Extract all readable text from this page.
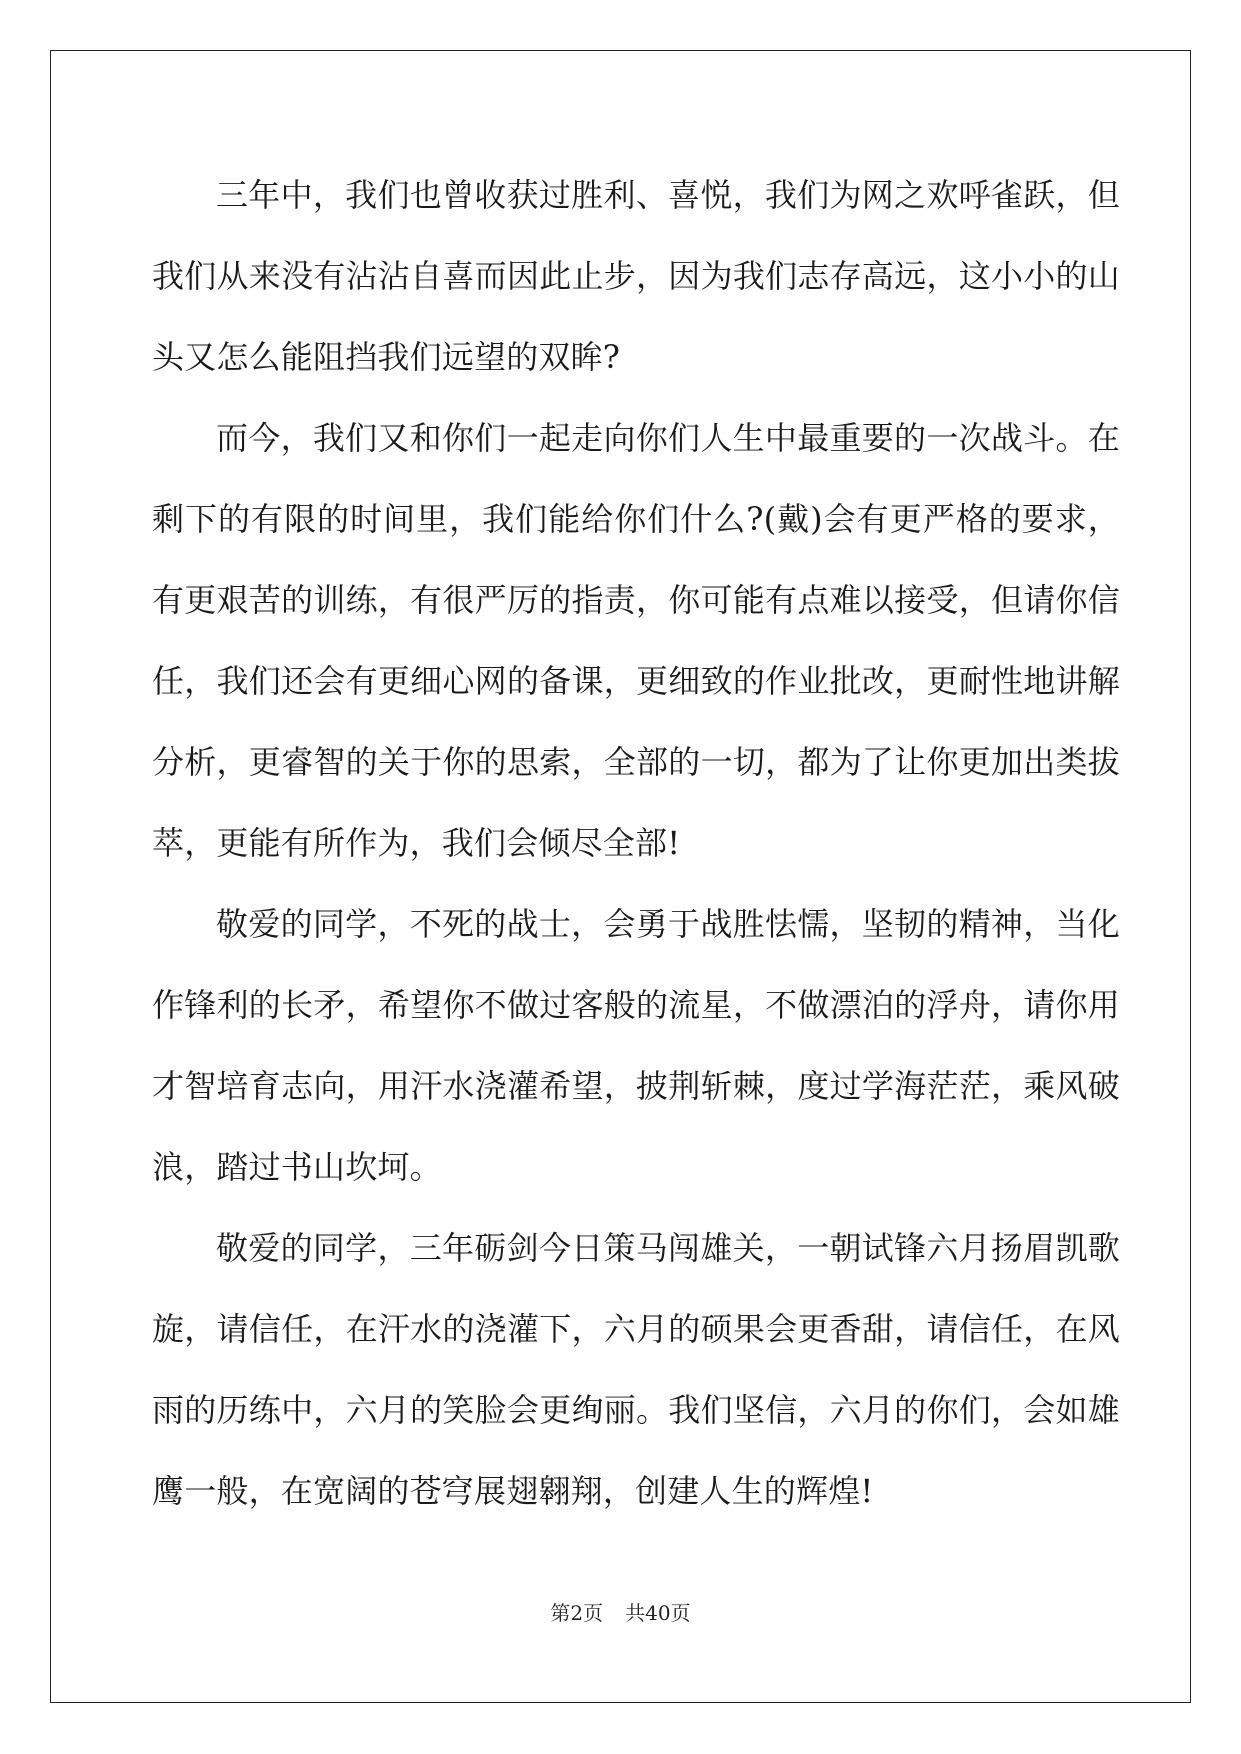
三年中，我们也曾收获过胜利、喜悦，我们为网之欢呼雀跃，但我们从来没有沾沾自喜而因此止步，因为我们志存高远，这小小的山头又怎么能阻挡我们远望的双眸?

而今，我们又和你们一起走向你们人生中最重要的一次战斗。在剩下的有限的时间里，我们能给你们什么?(戴)会有更严格的要求，有更艰苦的训练，有很严厉的指责，你可能有点难以接受，但请你信任，我们还会有更细心网的备课，更细致的作业批改，更耐性地讲解分析，更睿智的关于你的思索，全部的一切，都为了让你更加出类拔萃，更能有所作为，我们会倾尽全部!

敬爱的同学，不死的战士，会勇于战胜怯懦，坚韧的精神，当化作锋利的长矛，希望你不做过客般的流星，不做漂泊的浮舟，请你用才智培育志向，用汗水浇灌希望，披荆斩棘，度过学海茫茫，乘风破浪，踏过书山坎坷。

敬爱的同学，三年砺剑今日策马闯雄关，一朝试锋六月扬眉凯歌旋，请信任，在汗水的浇灌下，六月的硕果会更香甜，请信任，在风雨的历练中，六月的笑脸会更绚丽。我们坚信，六月的你们，会如雄鹰一般，在宽阔的苍穹展翅翱翔，创建人生的辉煌!

第2页 共40页
